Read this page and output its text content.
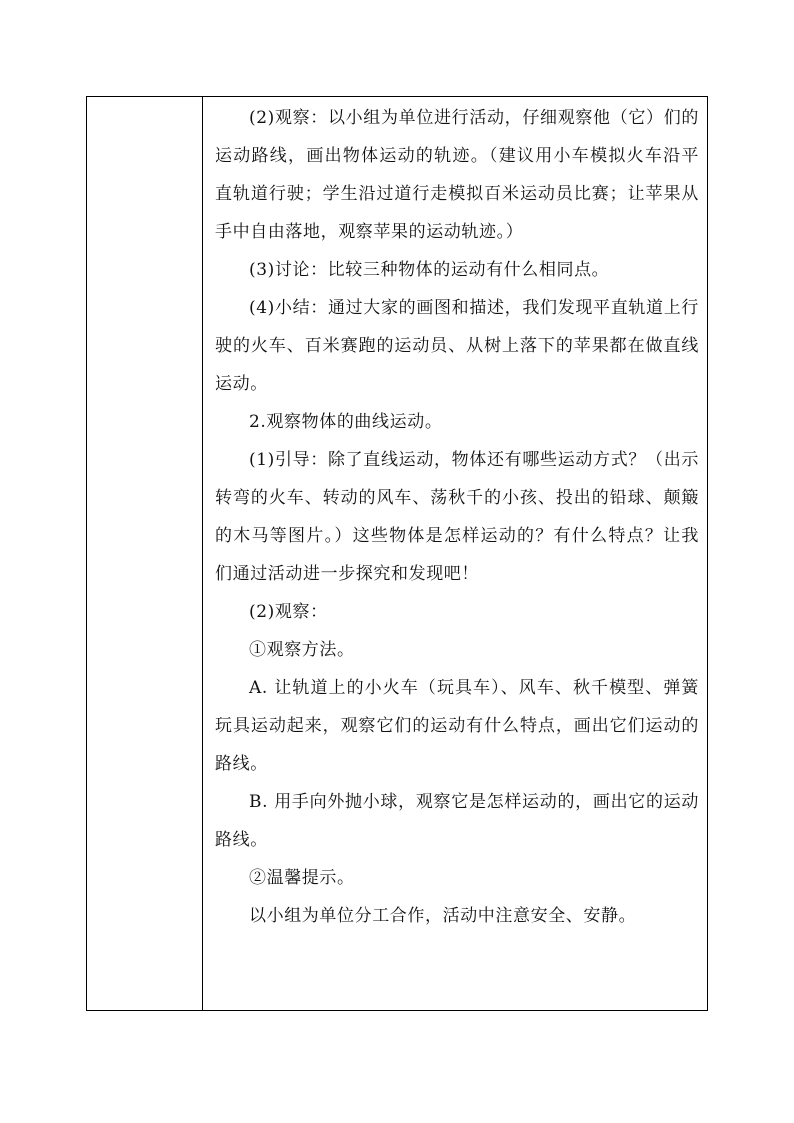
(2)观察：以小组为单位进行活动，仔细观察他（它）们的运动路线，画出物体运动的轨迹。（建议用小车模拟火车沿平直轨道行驶；学生沿过道行走模拟百米运动员比赛；让苹果从手中自由落地，观察苹果的运动轨迹。）

(3)讨论：比较三种物体的运动有什么相同点。

(4)小结：通过大家的画图和描述，我们发现平直轨道上行驶的火车、百米赛跑的运动员、从树上落下的苹果都在做直线运动。

2.观察物体的曲线运动。

(1)引导：除了直线运动，物体还有哪些运动方式？（出示转弯的火车、转动的风车、荡秋千的小孩、投出的铅球、颠簸的木马等图片。）这些物体是怎样运动的？有什么特点？让我们通过活动进一步探究和发现吧！

(2)观察：

①观察方法。

A. 让轨道上的小火车（玩具车）、风车、秋千模型、弹簧玩具运动起来，观察它们的运动有什么特点，画出它们运动的路线。

B. 用手向外抛小球，观察它是怎样运动的，画出它的运动路线。

②温馨提示。

以小组为单位分工合作，活动中注意安全、安静。
